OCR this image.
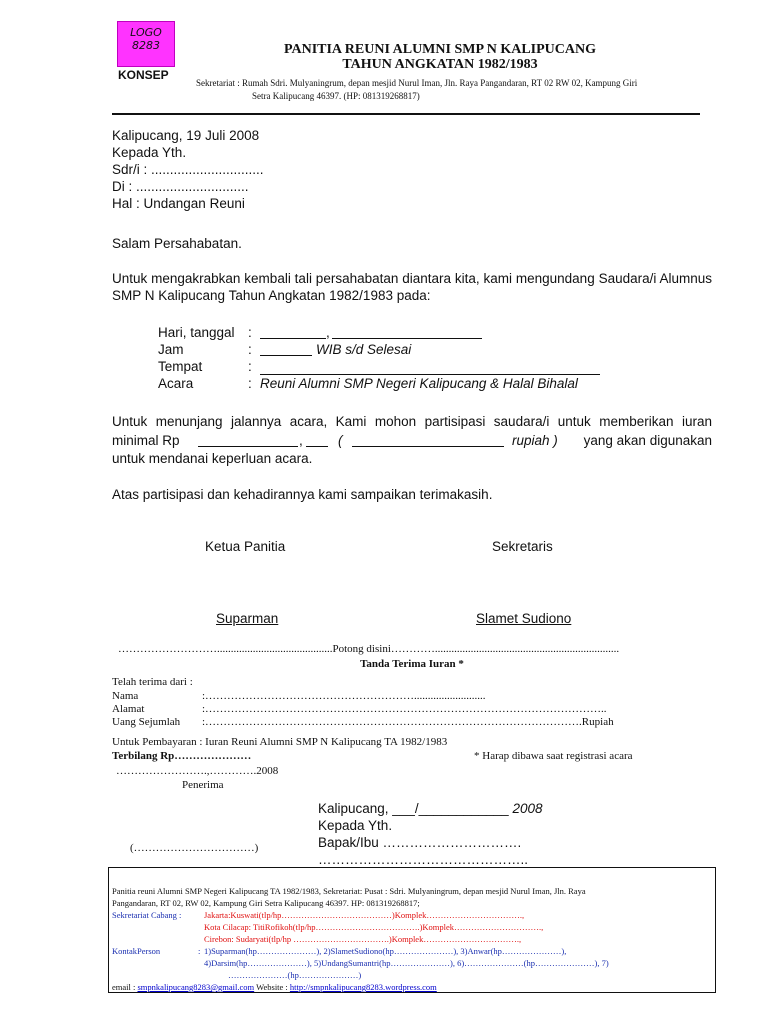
LOGO
8283
KONSEP
PANITIA REUNI ALUMNI SMP N KALIPUCANG
TAHUN ANGKATAN 1982/1983
Sekretariat : Rumah Sdri. Mulyaningrum, depan mesjid Nurul Iman, Jln. Raya Pangandaran, RT 02 RW 02, Kampung Giri
Setra Kalipucang 46397. (HP: 081319268817)
Kalipucang, 19 Juli 2008
Kepada Yth.
Sdr/i : ..............................
Di : ..............................
Hal : Undangan Reuni
Salam Persahabatan.
Untuk mengakrabkan kembali tali persahabatan diantara kita, kami mengundang Saudara/i Alumnus SMP N Kalipucang Tahun Angkatan 1982/1983 pada:
Hari, tanggal :	,
Jam	:	WIB s/d Selesai
Tempat	:
Acara	: Reuni Alumni SMP Negeri Kalipucang & Halal Bihalal
Untuk menunjang jalannya acara, Kami mohon partisipasi saudara/i untuk memberikan iuran
minimal Rp	,	(	rupiah ) yang akan digunakan
untuk mendanai keperluan acara.
Atas partisipasi dan kehadirannya kami sampaikan terimakasih.
Ketua Panitia	Sekretaris
Suparman	Slamet Sudiono
………………………..........................................Potong disini…………...................................................................
Tanda Terima Iuran *
Telah terima dari :
Nama	:…………………………………………………..........................
Alamat	:………………………………………………………………………………………………..
Uang Sejumlah :………………………………………………………………………………………….Rupiah
Untuk Pembayaran : Iuran Reuni Alumni SMP N Kalipucang TA 1982/1983
Terbilang Rp…………………	* Harap dibawa saat registrasi acara
…………………….,………….2008
Penerima
(……………………………)
Kalipucang, ___/____________ 2008
Kepada Yth.
Bapak/Ibu ………………………….
………………………………………..
Panitia reuni Alumni SMP Negeri Kalipucang TA 1982/1983, Sekretariat: Pusat : Sdri. Mulyaningrum, depan mesjid Nurul Iman, Jln. Raya
Pangandaran, RT 02, RW 02, Kampung Giri Setra Kalipucang 46397. HP: 081319268817;
Sekretariat Cabang :	Jakarta:Kuswati(tlp/hp…………………………………)Komplek…………………………….,
Kota Cilacap: TitiRofikoh(tlp/hp……………………………….)Komplek………………………….,
Cirebon: Sudaryati(tlp/hp …………………………….)Komplek…………………………….,
KontakPerson	: 1)Suparman(hp…………………), 2)SlametSudiono(hp…………………), 3)Anwar(hp…………………),
4)Darsim(hp…………………), 5)UndangSumantri(hp…………………), 6)…………………(hp…………………), 7)
…………………(hp…………………)
email : smpnkalipucang8283@gmail.com Website : http://smpnkalipucang8283.wordpress.com
